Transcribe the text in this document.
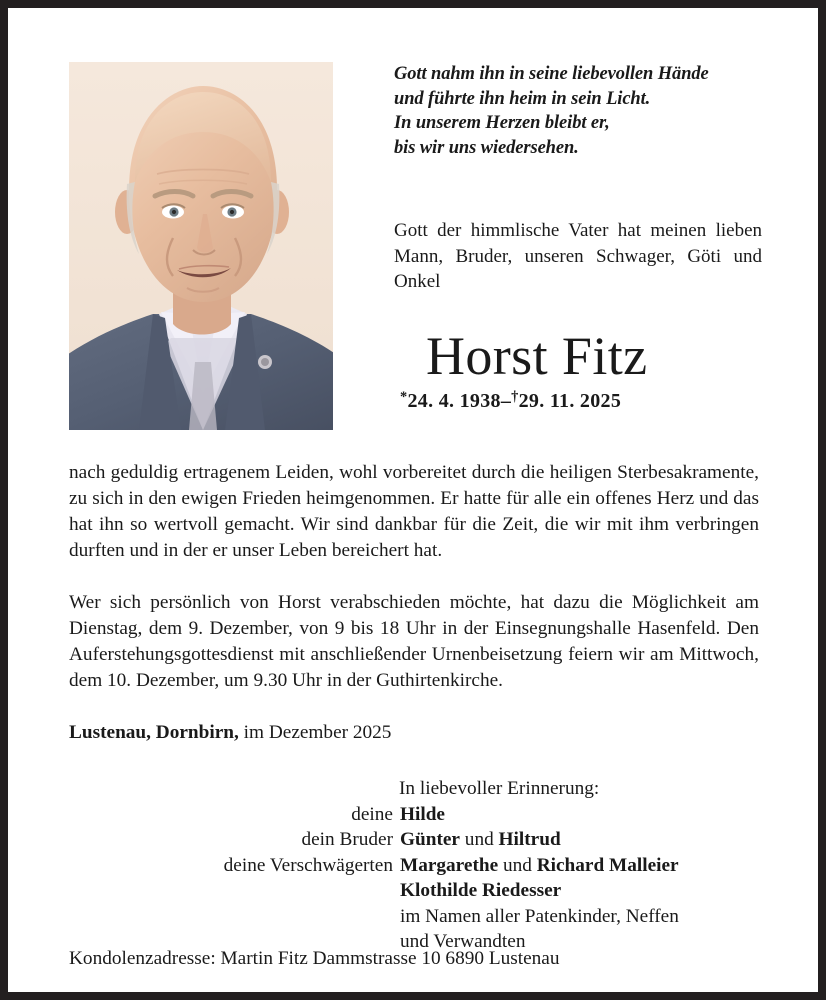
Gott nahm ihn in seine liebevollen Hände
und führte ihn heim in sein Licht.
In unserem Herzen bleibt er,
bis wir uns wiedersehen.
Gott der himmlische Vater hat meinen lieben Mann, Bruder, unseren Schwager, Göti und Onkel
Horst Fitz
*24. 4. 1938–†29. 11. 2025

nach geduldig ertragenem Leiden, wohl vorbereitet durch die heiligen Sterbesakramente, zu sich in den ewigen Frieden heimgenommen. Er hatte für alle ein offenes Herz und das hat ihn so wertvoll gemacht. Wir sind dankbar für die Zeit, die wir mit ihm verbringen durften und in der er unser Leben bereichert hat.

Wer sich persönlich von Horst verabschieden möchte, hat dazu die Möglichkeit am Dienstag, dem 9. Dezember, von 9 bis 18 Uhr in der Einsegnungshalle Hasenfeld. Den Auferstehungsgottesdienst mit anschließender Urnenbeisetzung feiern wir am Mittwoch, dem 10. Dezember, um 9.30 Uhr in der Guthirtenkirche.

Lustenau, Dornbirn, im Dezember 2025

In liebevoller Erinnerung:
deine Hilde
dein Bruder Günter und Hiltrud
deine Verschwägerten Margarethe und Richard Malleier
Klothilde Riedesser
im Namen aller Patenkinder, Neffen
und Verwandten
Kondolenzadresse: Martin Fitz Dammstrasse 10 6890 Lustenau
